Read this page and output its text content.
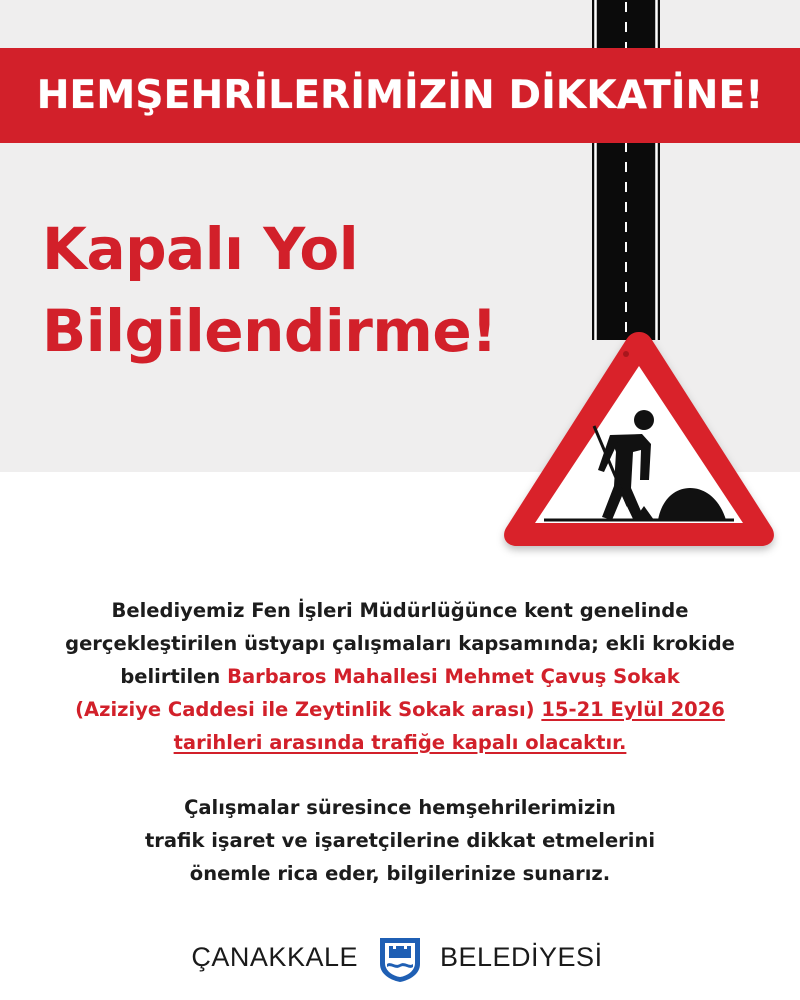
HEMŞEHRİLERİMİZİN DİKKATİNE!
Kapalı Yol
Bilgilendirme!
Belediyemiz Fen İşleri Müdürlüğünce kent genelinde
gerçekleştirilen üstyapı çalışmaları kapsamında; ekli krokide
belirtilen Barbaros Mahallesi Mehmet Çavuş Sokak
(Aziziye Caddesi ile Zeytinlik Sokak arası) 15-21 Eylül 2026
tarihleri arasında trafiğe kapalı olacaktır.
Çalışmalar süresince hemşehrilerimizin
trafik işaret ve işaretçilerine dikkat etmelerini
önemle rica eder, bilgilerinize sunarız.
ÇANAKKALE	BELEDİYESİ
